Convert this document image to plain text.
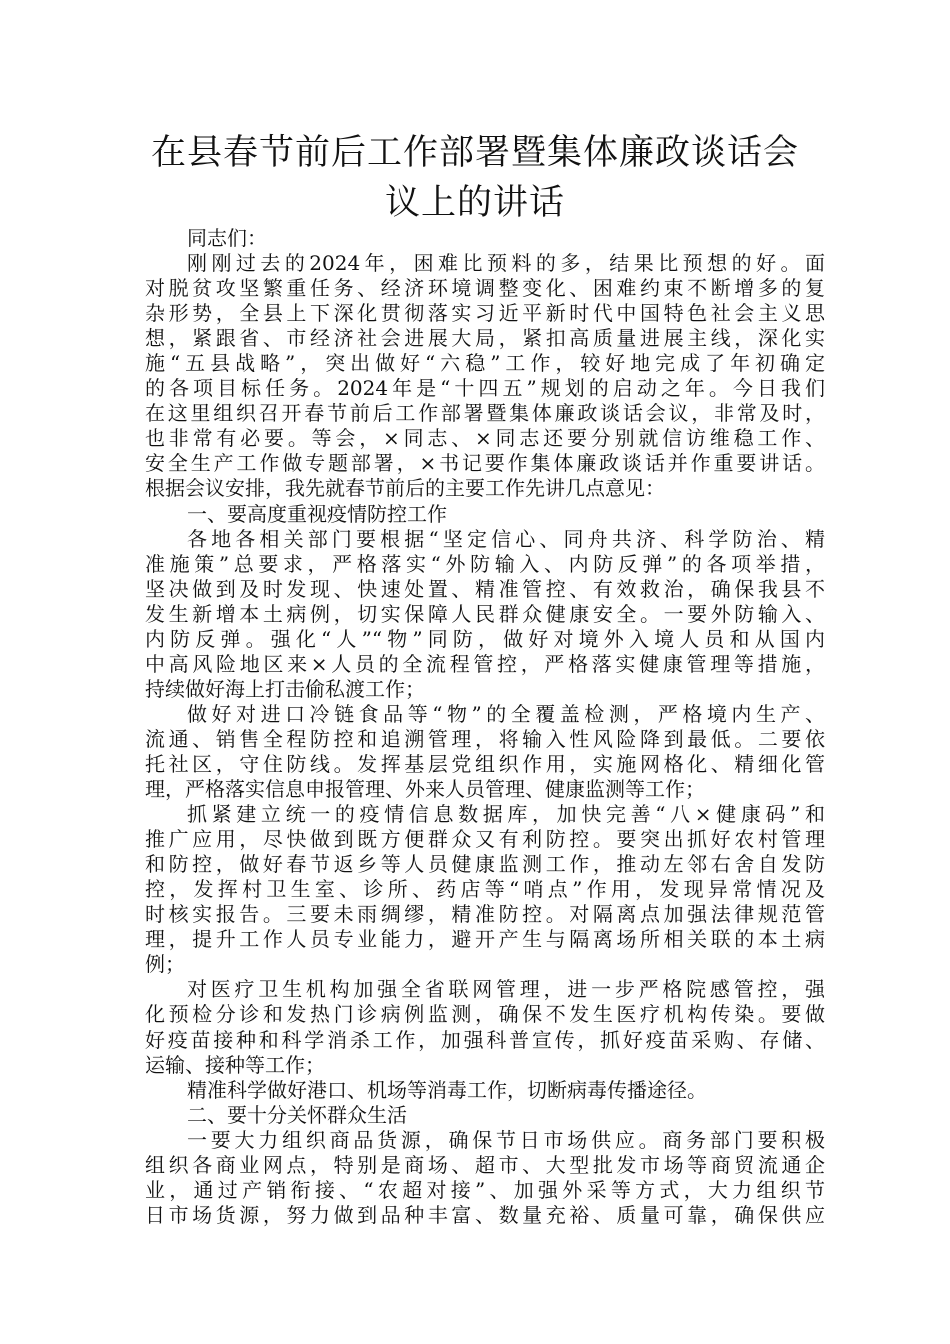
在县春节前后工作部署暨集体廉政谈话会
议上的讲话
同志们：
刚刚过去的2024年，困难比预料的多，结果比预想的好。面
对脱贫攻坚繁重任务、经济环境调整变化、困难约束不断增多的复
杂形势，全县上下深化贯彻落实习近平新时代中国特色社会主义思
想，紧跟省、市经济社会进展大局，紧扣高质量进展主线，深化实
施“五县战略”，突出做好“六稳”工作，较好地完成了年初确定
的各项目标任务。2024年是“十四五”规划的启动之年。今日我们
在这里组织召开春节前后工作部署暨集体廉政谈话会议，非常及时，
也非常有必要。等会，×同志、×同志还要分别就信访维稳工作、
安全生产工作做专题部署，×书记要作集体廉政谈话并作重要讲话。
根据会议安排，我先就春节前后的主要工作先讲几点意见：
一、要高度重视疫情防控工作
各地各相关部门要根据“坚定信心、同舟共济、科学防治、精
准施策”总要求，严格落实“外防输入、内防反弹”的各项举措，
坚决做到及时发现、快速处置、精准管控、有效救治，确保我县不
发生新增本土病例，切实保障人民群众健康安全。一要外防输入、
内防反弹。强化“人”“物”同防，做好对境外入境人员和从国内
中高风险地区来×人员的全流程管控，严格落实健康管理等措施，
持续做好海上打击偷私渡工作；
做好对进口冷链食品等“物”的全覆盖检测，严格境内生产、
流通、销售全程防控和追溯管理，将输入性风险降到最低。二要依
托社区，守住防线。发挥基层党组织作用，实施网格化、精细化管
理，严格落实信息申报管理、外来人员管理、健康监测等工作；
抓紧建立统一的疫情信息数据库，加快完善“八×健康码”和
推广应用，尽快做到既方便群众又有利防控。要突出抓好农村管理
和防控，做好春节返乡等人员健康监测工作，推动左邻右舍自发防
控，发挥村卫生室、诊所、药店等“哨点”作用，发现异常情况及
时核实报告。三要未雨绸缪，精准防控。对隔离点加强法律规范管
理，提升工作人员专业能力，避开产生与隔离场所相关联的本土病
例；
对医疗卫生机构加强全省联网管理，进一步严格院感管控，强
化预检分诊和发热门诊病例监测，确保不发生医疗机构传染。要做
好疫苗接种和科学消杀工作，加强科普宣传，抓好疫苗采购、存储、
运输、接种等工作；
精准科学做好港口、机场等消毒工作，切断病毒传播途径。
二、要十分关怀群众生活
一要大力组织商品货源，确保节日市场供应。商务部门要积极
组织各商业网点，特别是商场、超市、大型批发市场等商贸流通企
业，通过产销衔接、“农超对接”、加强外采等方式，大力组织节
日市场货源，努力做到品种丰富、数量充裕、质量可靠，确保供应
